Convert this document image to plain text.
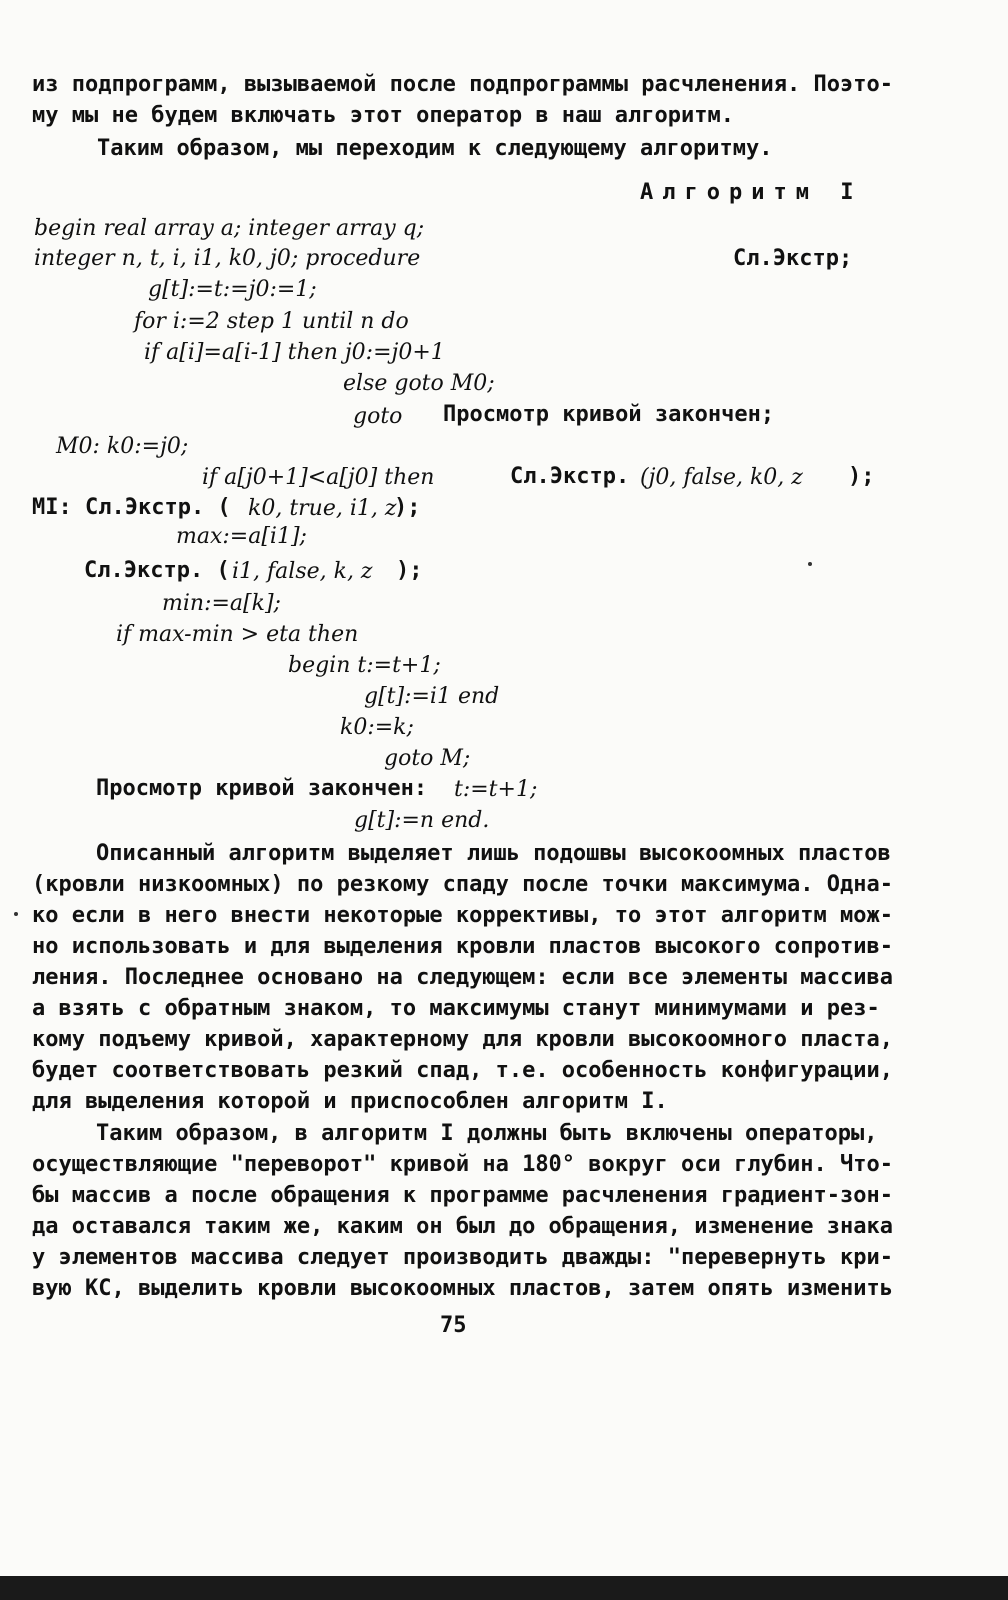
из подпрограмм, вызываемой после подпрограммы расчленения. Поэто-
му мы не будем включать этот оператор в наш алгоритм.
Таким образом, мы переходим к следующему алгоритму.
Алгоритм I
begin real array a; integer array q;
integer n, t, i, i1, k0, j0; procedure	Сл.Экстр;
g[t]:=t:=j0:=1;
for i:=2 step 1 until n do
if a[i]=a[i-1] then j0:=j0+1
else goto M0;
goto Просмотр кривой закончен;
M0: k0:=j0;
if a[j0+1]<a[j0] then	Сл.Экстр. (j0, false, k0, z );
MI: Сл.Экстр. ( k0, true, i1, z
);
max:=a[i1];
Сл.Экстр. ( i1, false, k, z );
min:=a[k];
if max-min > eta then
begin t:=t+1;
g[t]:=i1 end
k0:=k;
goto M;
Просмотр кривой закончен: t:=t+1;
g[t]:=n end.
Описанный алгоритм выделяет лишь подошвы высокоомных пластов
(кровли низкоомных) по резкому спаду после точки максимума. Одна-
ко если в него внести некоторые коррективы, то этот алгоритм мож-
но использовать и для выделения кровли пластов высокого сопротив-
ления. Последнее основано на следующем: если все элементы массива
a взять с обратным знаком, то максимумы станут минимумами и рез-
кому подъему кривой, характерному для кровли высокоомного пласта,
будет соответствовать резкий спад, т.е. особенность конфигурации,
для выделения которой и приспособлен алгоритм I.
Таким образом, в алгоритм I должны быть включены операторы,
осуществляющие "переворот" кривой на 180° вокруг оси глубин. Что-
бы массив a после обращения к программе расчленения градиент-зон-
да оставался таким же, каким он был до обращения, изменение знака
у элементов массива следует производить дважды: "перевернуть кри-
вую КС, выделить кровли высокоомных пластов, затем опять изменить
75
